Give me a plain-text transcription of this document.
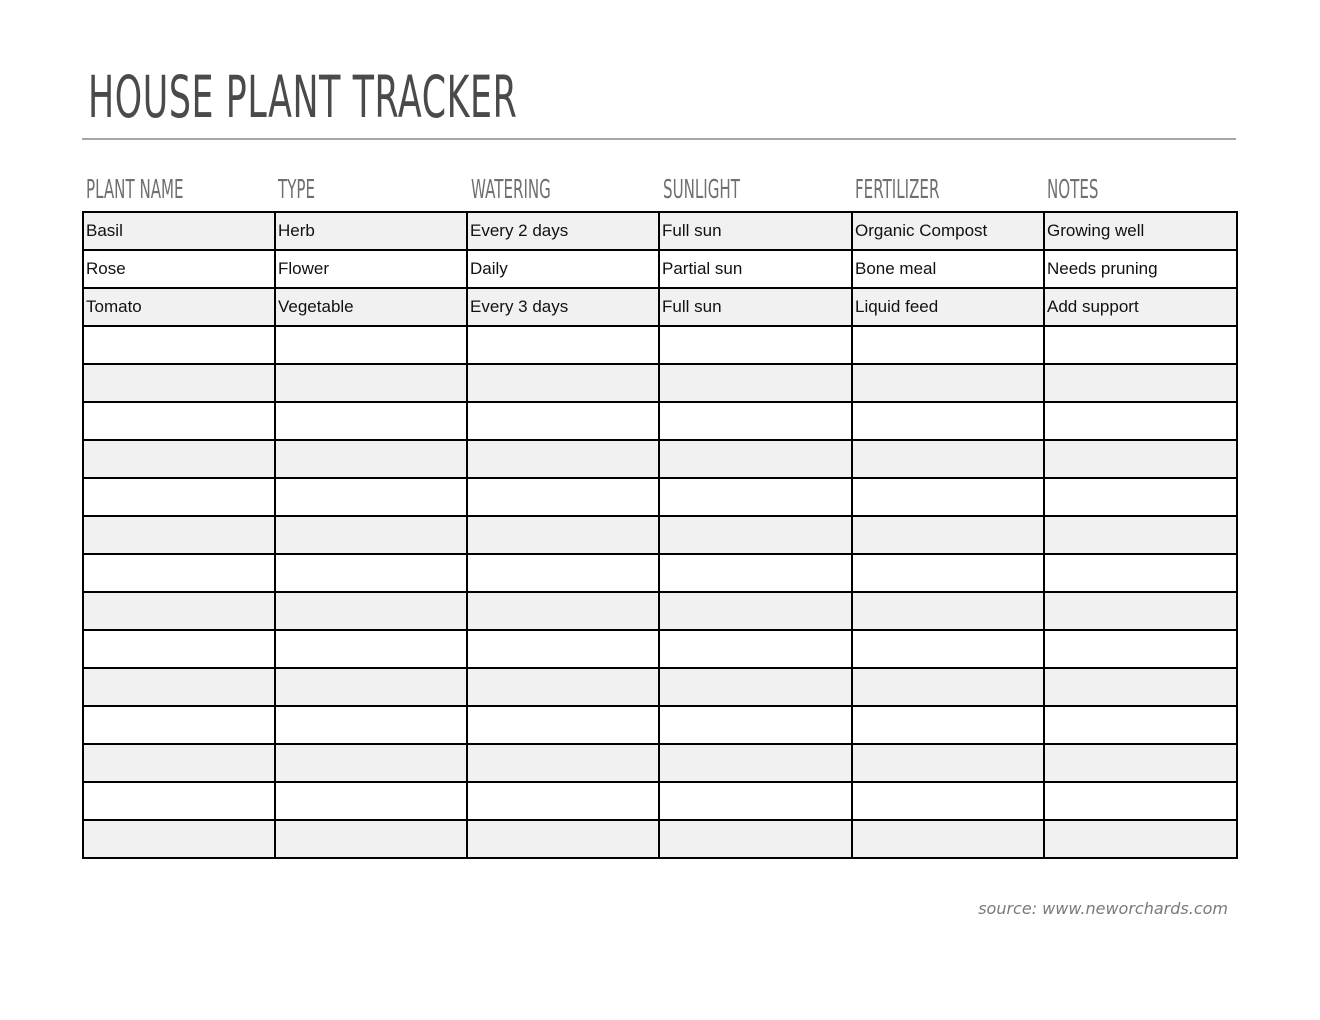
HOUSE PLANT TRACKER
PLANT NAME	TYPE	WATERING	SUNLIGHT	FERTILIZER	NOTES
Basil	Herb	Every 2 days	Full sun	Organic Compost	Growing well
Rose	Flower	Daily	Partial sun	Bone meal	Needs pruning
Tomato	Vegetable	Every 3 days	Full sun	Liquid feed	Add support

source: www.neworchards.com
